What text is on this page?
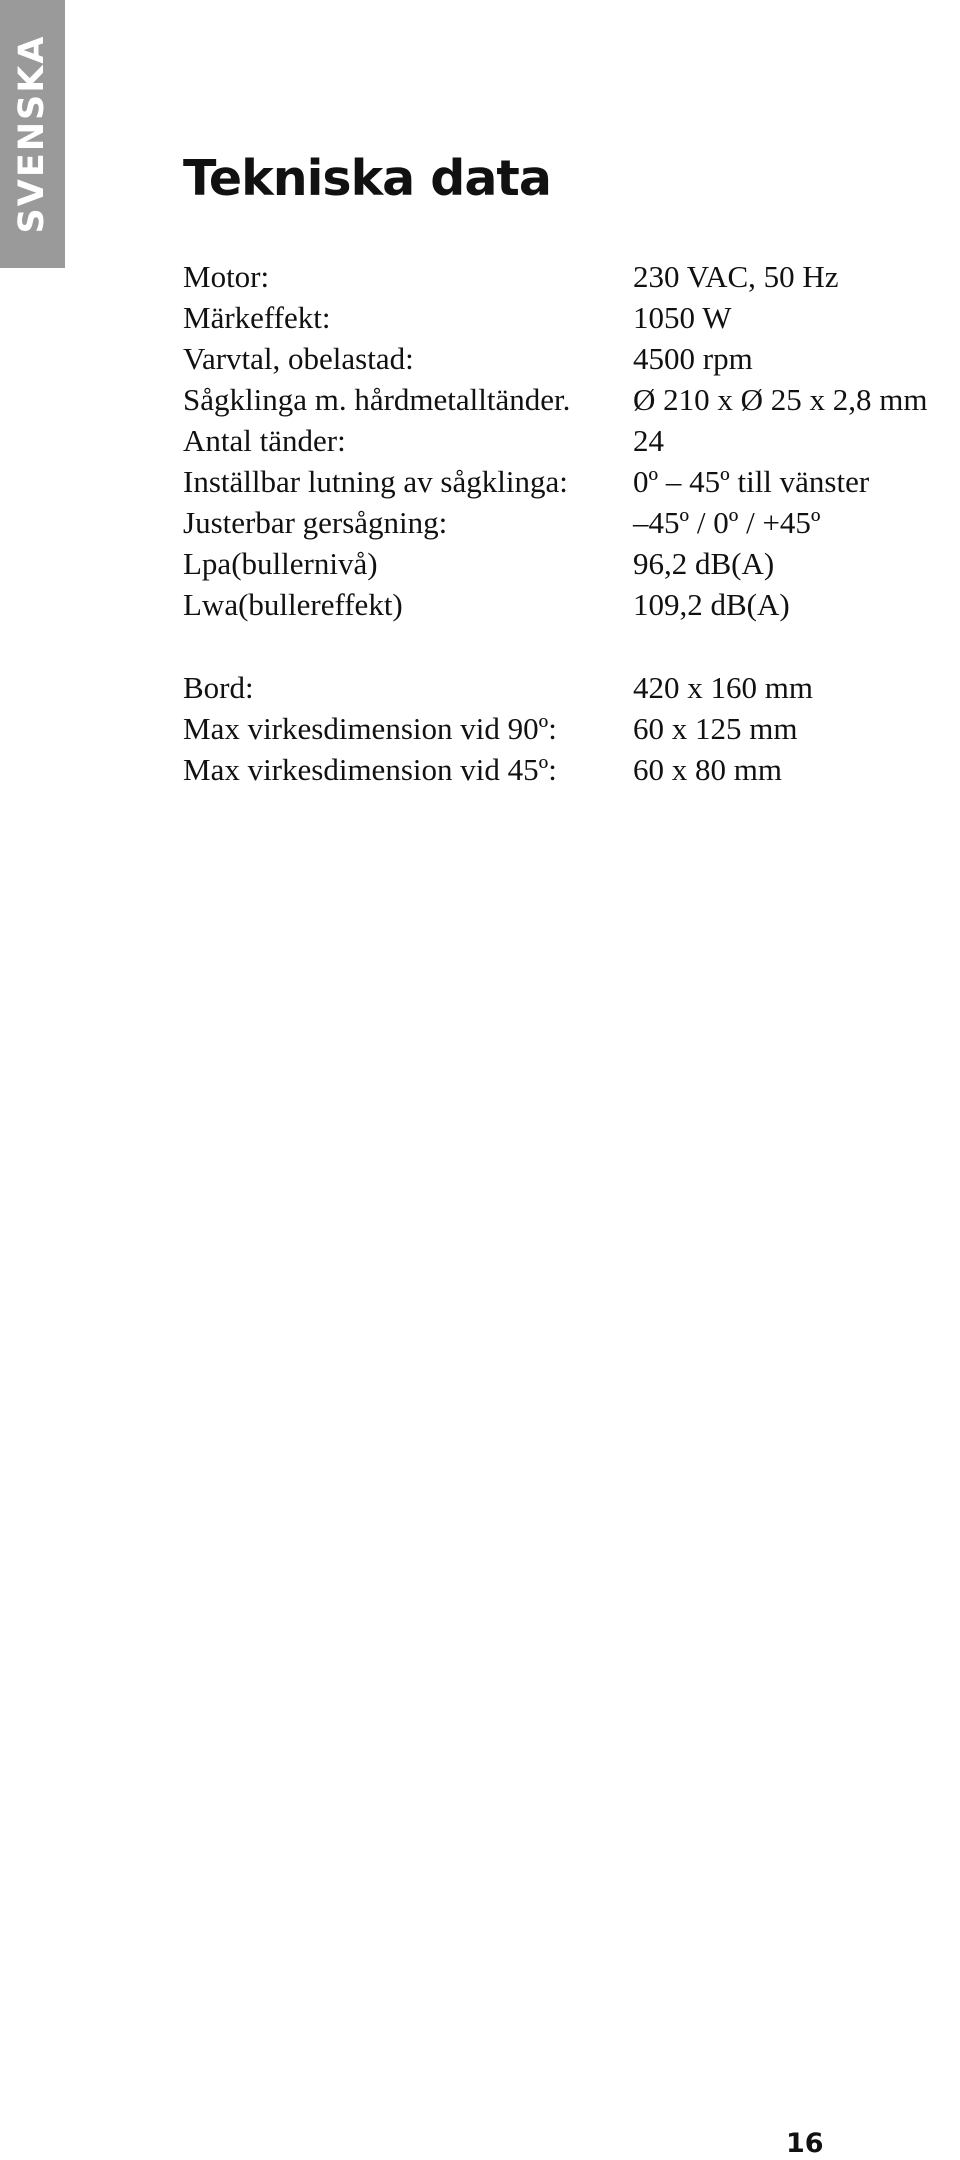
SVENSKA	Tekniska data
Motor:	230 VAC, 50 Hz
Märkeffekt:	1050 W
Varvtal, obelastad:	4500 rpm
Sågklinga m. hårdmetalltänder. Ø 210 x Ø 25 x 2,8 mm
Antal tänder:	24
Inställbar lutning av sågklinga: 0º – 45º till vänster
Justerbar gersågning:	–45º / 0º / +45º
Lpa(bullernivå)	96,2 dB(A)
Lwa(bullereffekt)	109,2 dB(A)
Bord:	420 x 160 mm
Max virkesdimension vid 90º: 60 x 125 mm
Max virkesdimension vid 45º: 60 x 80 mm
16
